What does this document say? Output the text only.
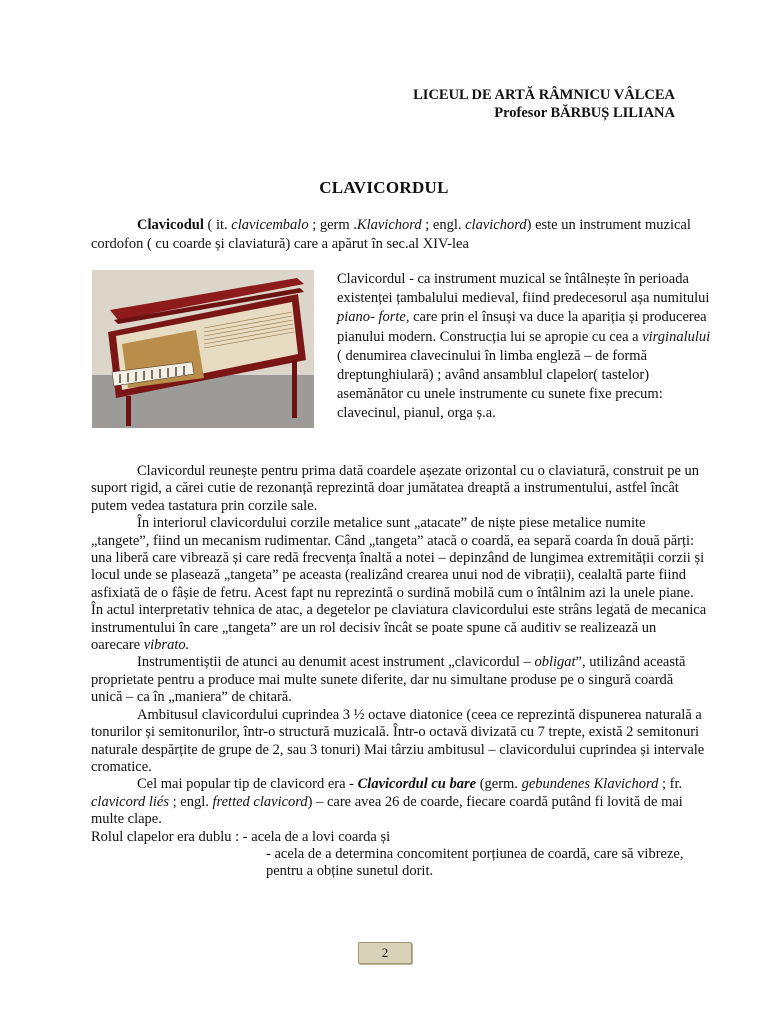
LICEUL DE ARTĂ RÂMNICU VÂLCEA
Profesor BĂRBUȘ LILIANA
CLAVICORDUL

Clavicodul ( it. clavicembalo ; germ .Klavichord ; engl. clavichord) este un instrument muzical cordofon ( cu coarde și claviatură) care a apărut în sec.al XIV-lea

Clavicordul - ca instrument muzical se întâlnește în perioada existenței țambalului medieval, fiind predecesorul așa numitului piano- forte, care prin el însuși va duce la apariția și producerea pianului modern. Construcția lui se apropie cu cea a virginalului ( denumirea clavecinului în limba engleză – de formă dreptunghiulară) ; având ansamblul clapelor( tastelor) asemănător cu unele instrumente cu sunete fixe precum: clavecinul, pianul, orga ș.a.

Clavicordul reunește pentru prima dată coardele așezate orizontal cu o claviatură, construit pe un suport rigid, a cărei cutie de rezonanță reprezintă doar jumătatea dreaptă a instrumentului, astfel încât putem vedea tastatura prin corzile sale.

În interiorul clavicordului corzile metalice sunt „atacate” de niște piese metalice numite „tangete”, fiind un mecanism rudimentar. Când „tangeta” atacă o coardă, ea separă coarda în două părți: una liberă care vibrează și care redă frecvența înaltă a notei – depinzând de lungimea extremității corzii și locul unde se plasează „tangeta” pe aceasta (realizând crearea unui nod de vibrații), cealaltă parte fiind asfixiată de o fâșie de fetru. Acest fapt nu reprezintă o surdină mobilă cum o întâlnim azi la unele piane. În actul interpretativ tehnica de atac, a degetelor pe claviatura clavicordului este strâns legată de mecanica instrumentului în care „tangeta” are un rol decisiv încât se poate spune că auditiv se realizează un oarecare vibrato.

Instrumentiștii de atunci au denumit acest instrument „clavicordul – obligat”, utilizând această proprietate pentru a produce mai multe sunete diferite, dar nu simultane produse pe o singură coardă unică – ca în „maniera” de chitară.

Ambitusul clavicordului cuprindea 3 ½ octave diatonice (ceea ce reprezintă dispunerea naturală a tonurilor și semitonurilor, într-o structură muzicală. Într-o octavă divizată cu 7 trepte, există 2 semitonuri naturale despărțite de grupe de 2, sau 3 tonuri) Mai târziu ambitusul – clavicordului cuprindea și intervale cromatice.

Cel mai popular tip de clavicord era - Clavicordul cu bare (germ. gebundenes Klavichord ; fr. clavicord liés ; engl. fretted clavicord) – care avea 26 de coarde, fiecare coardă putând fi lovită de mai multe clape.

Rolul clapelor era dublu : - acela de a lovi coarda și

- acela de a determina concomitent porțiunea de coardă, care să vibreze, pentru a obține sunetul dorit.

2
